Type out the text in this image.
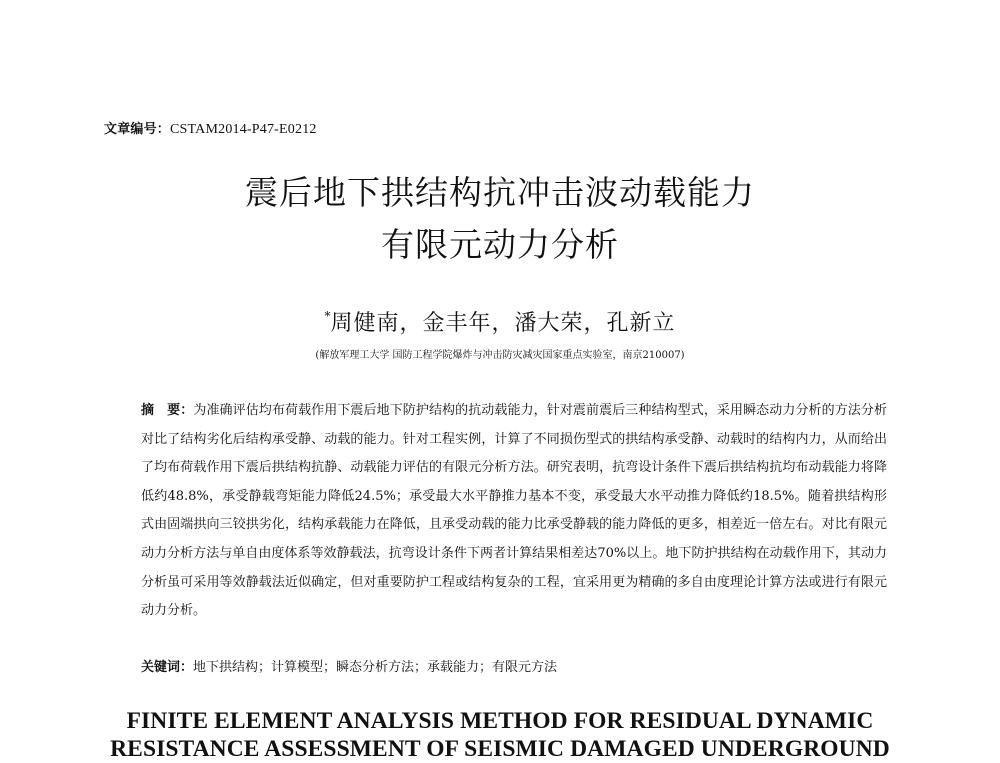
文章编号：CSTAM2014-P47-E0212
震后地下拱结构抗冲击波动载能力
有限元动力分析
*周健南，金丰年，潘大荣，孔新立
(解放军理工大学 国防工程学院爆炸与冲击防灾减灾国家重点实验室，南京210007)
摘　要：为准确评估均布荷载作用下震后地下防护结构的抗动载能力，针对震前震后三种结构型式，采用瞬态动力分析的方法分析对比了结构劣化后结构承受静、动载的能力。针对工程实例，计算了不同损伤型式的拱结构承受静、动载时的结构内力，从而给出了均布荷载作用下震后拱结构抗静、动载能力评估的有限元分析方法。研究表明，抗弯设计条件下震后拱结构抗均布动载能力将降低约48.8%，承受静载弯矩能力降低24.5%；承受最大水平静推力基本不变，承受最大水平动推力降低约18.5%。随着拱结构形式由固端拱向三铰拱劣化，结构承载能力在降低，且承受动载的能力比承受静载的能力降低的更多，相差近一倍左右。对比有限元动力分析方法与单自由度体系等效静载法，抗弯设计条件下两者计算结果相差达70%以上。地下防护拱结构在动载作用下，其动力分析虽可采用等效静载法近似确定，但对重要防护工程或结构复杂的工程，宜采用更为精确的多自由度理论计算方法或进行有限元动力分析。
关键词：地下拱结构；计算模型；瞬态分析方法；承载能力；有限元方法
FINITE ELEMENT ANALYSIS METHOD FOR RESIDUAL DYNAMIC
RESISTANCE ASSESSMENT OF SEISMIC DAMAGED UNDERGROUND
